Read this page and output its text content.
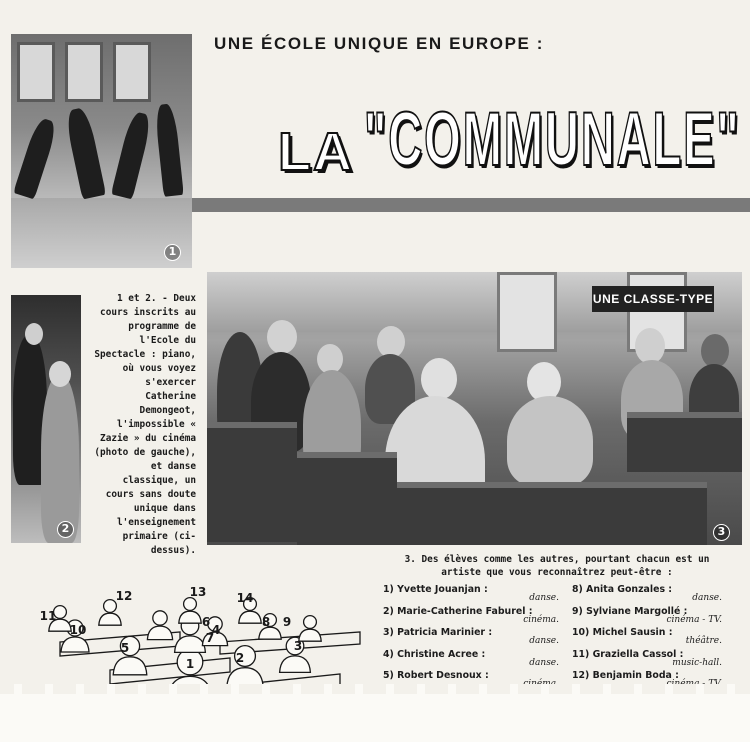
1
2
UNE ÉCOLE UNIQUE EN EUROPE :
LA "COMMUNALE"
1 et 2. - Deux cours inscrits au programme de l'Ecole du Spectacle : piano, où vous voyez s'exercer Catherine Demongeot, l'impossible « Zazie » du cinéma (photo de gauche), et danse classique, un cours sans doute unique dans l'enseignement primaire (ci-dessus).
3
UNE CLASSE-TYPE
3. Des élèves comme les autres, pourtant chacun est un artiste que vous reconnaîtrez peut-être :
1) Yvette Jouanjan :
danse.
2) Marie-Catherine Faburel :
cinéma.
3) Patricia Marinier :
danse.
4) Christine Acree :
danse.
5) Robert Desnoux :
8) Anita Gonzales :
danse.
9) Sylviane Margollé :
cinéma - TV.
10) Michel Sausin :
théâtre.
11) Graziella Cassol :
music-hall.
12) Benjamin Boda :
1	2
3
4
5
6
7
8 9
10
11
12	13	14
